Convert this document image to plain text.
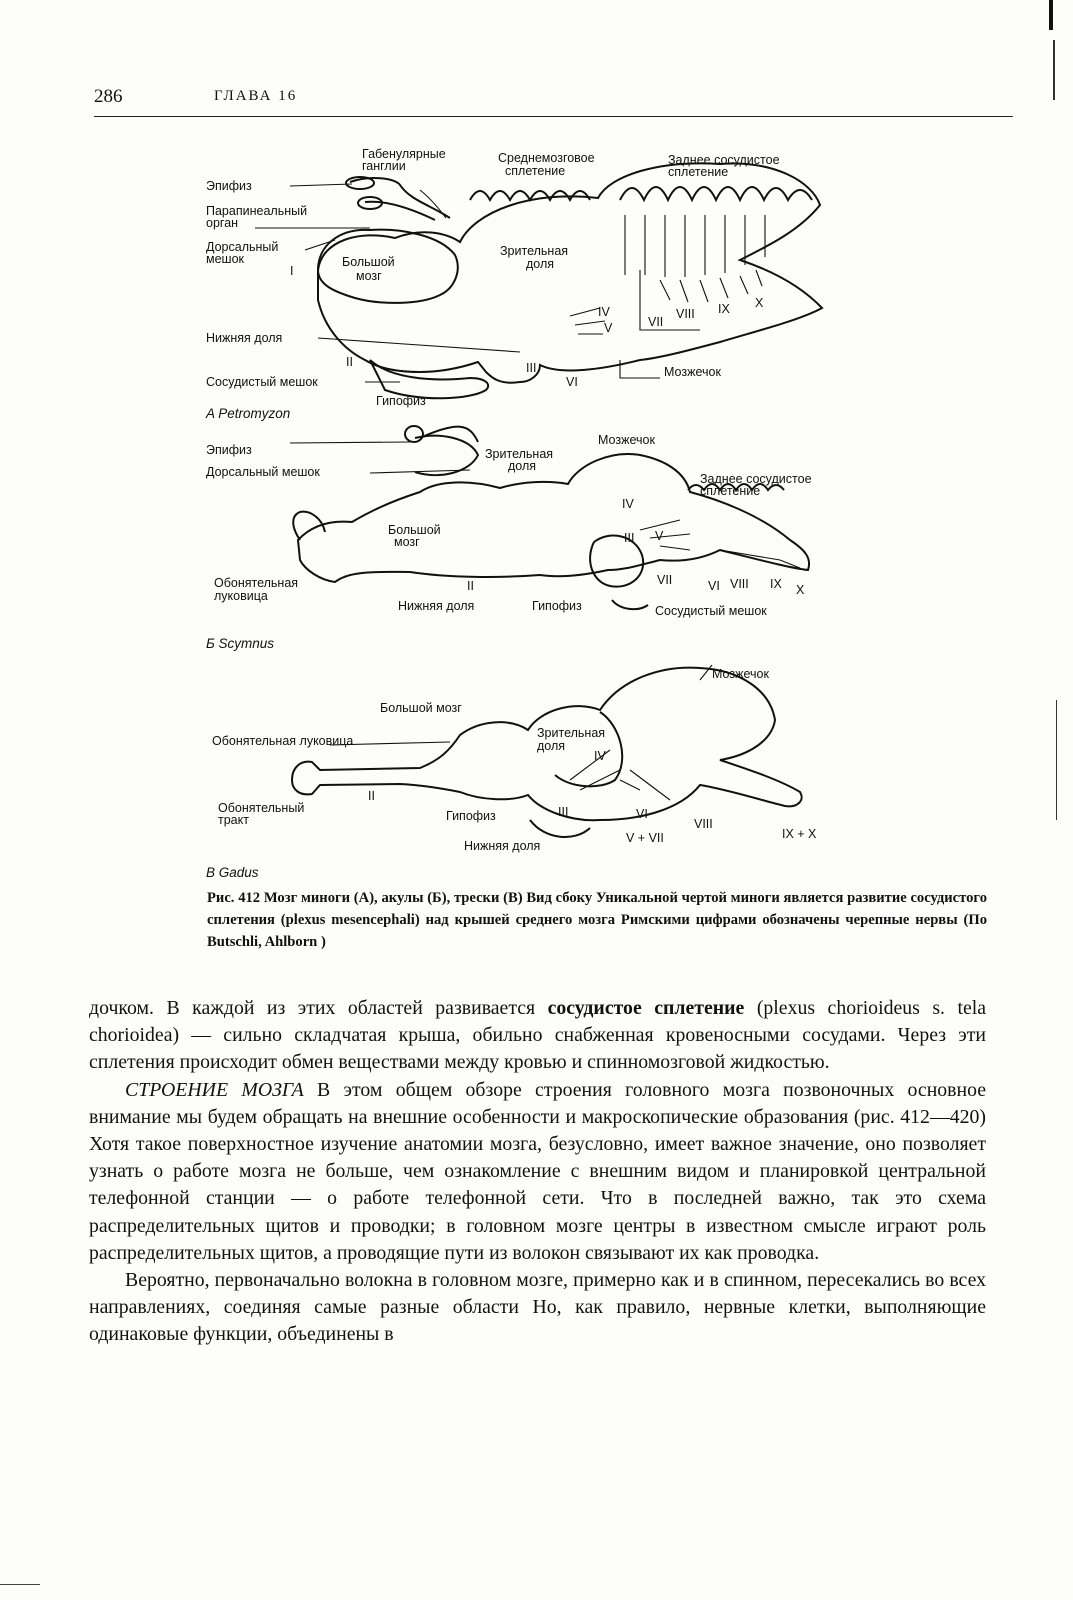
286	ГЛАВА 16
Габенулярные
ганглии
Среднемозговое
сплетение
Заднее сосудистое
сплетение
Эпифиз
Парапинеальный
орган
Дорсальный
мешок	Большой
мозг
Зрительная
доля
Нижняя доля
Сосудистый мешок
Гипофиз
Мозжечок
I
II	III
IV
V
VI
VII
VIII IX X
A Petromyzon
Эпифиз
Дорсальный мешок
Зрительная
доля
Мозжечок
Заднее сосудистое
сплетение
Большой
мозг
Обонятельная
луковица
Нижняя доля	Гипофиз	Сосудистый мешок
II
III
IV
V
VI
VII	VIII IX X
Б Scymnus
Мозжечок
Большой мозг
Обонятельная луковица
Зрительная
доля
Обонятельный
тракт	Гипофиз
Нижняя доля
II
III
IV
VI
VIII
V + VII	IX + X
В Gadus
Рис. 412 Мозг миноги (А), акулы (Б), трески (В) Вид сбоку Уникальной чертой миноги является развитие сосудистого сплетения (plexus mesencephali) над крышей среднего мозга Римскими цифрами обозначены черепные нервы (По Butschli, Ahlborn )

дочком. В каждой из этих областей развивается сосудистое сплетение (plexus chorioideus s. tela chorioidea) — сильно складчатая крыша, обильно снабженная кровеносными сосудами. Через эти сплетения происходит обмен веществами между кровью и спинномозговой жидкостью.

СТРОЕНИЕ МОЗГА В этом общем обзоре строения головного мозга позвоночных основное внимание мы будем обращать на внешние особенности и макроскопические образования (рис. 412—420) Хотя такое поверхностное изучение анатомии мозга, безусловно, имеет важное значение, оно позволяет узнать о работе мозга не больше, чем ознакомление с внешним видом и планировкой центральной телефонной станции — о работе телефонной сети. Что в последней важно, так это схема распределительных щитов и проводки; в головном мозге центры в известном смысле играют роль распределительных щитов, а проводящие пути из волокон связывают их как проводка.

Вероятно, первоначально волокна в головном мозге, примерно как и в спинном, пересекались во всех направлениях, соединяя самые разные области Но, как правило, нервные клетки, выполняющие одинаковые функции, объединены в
